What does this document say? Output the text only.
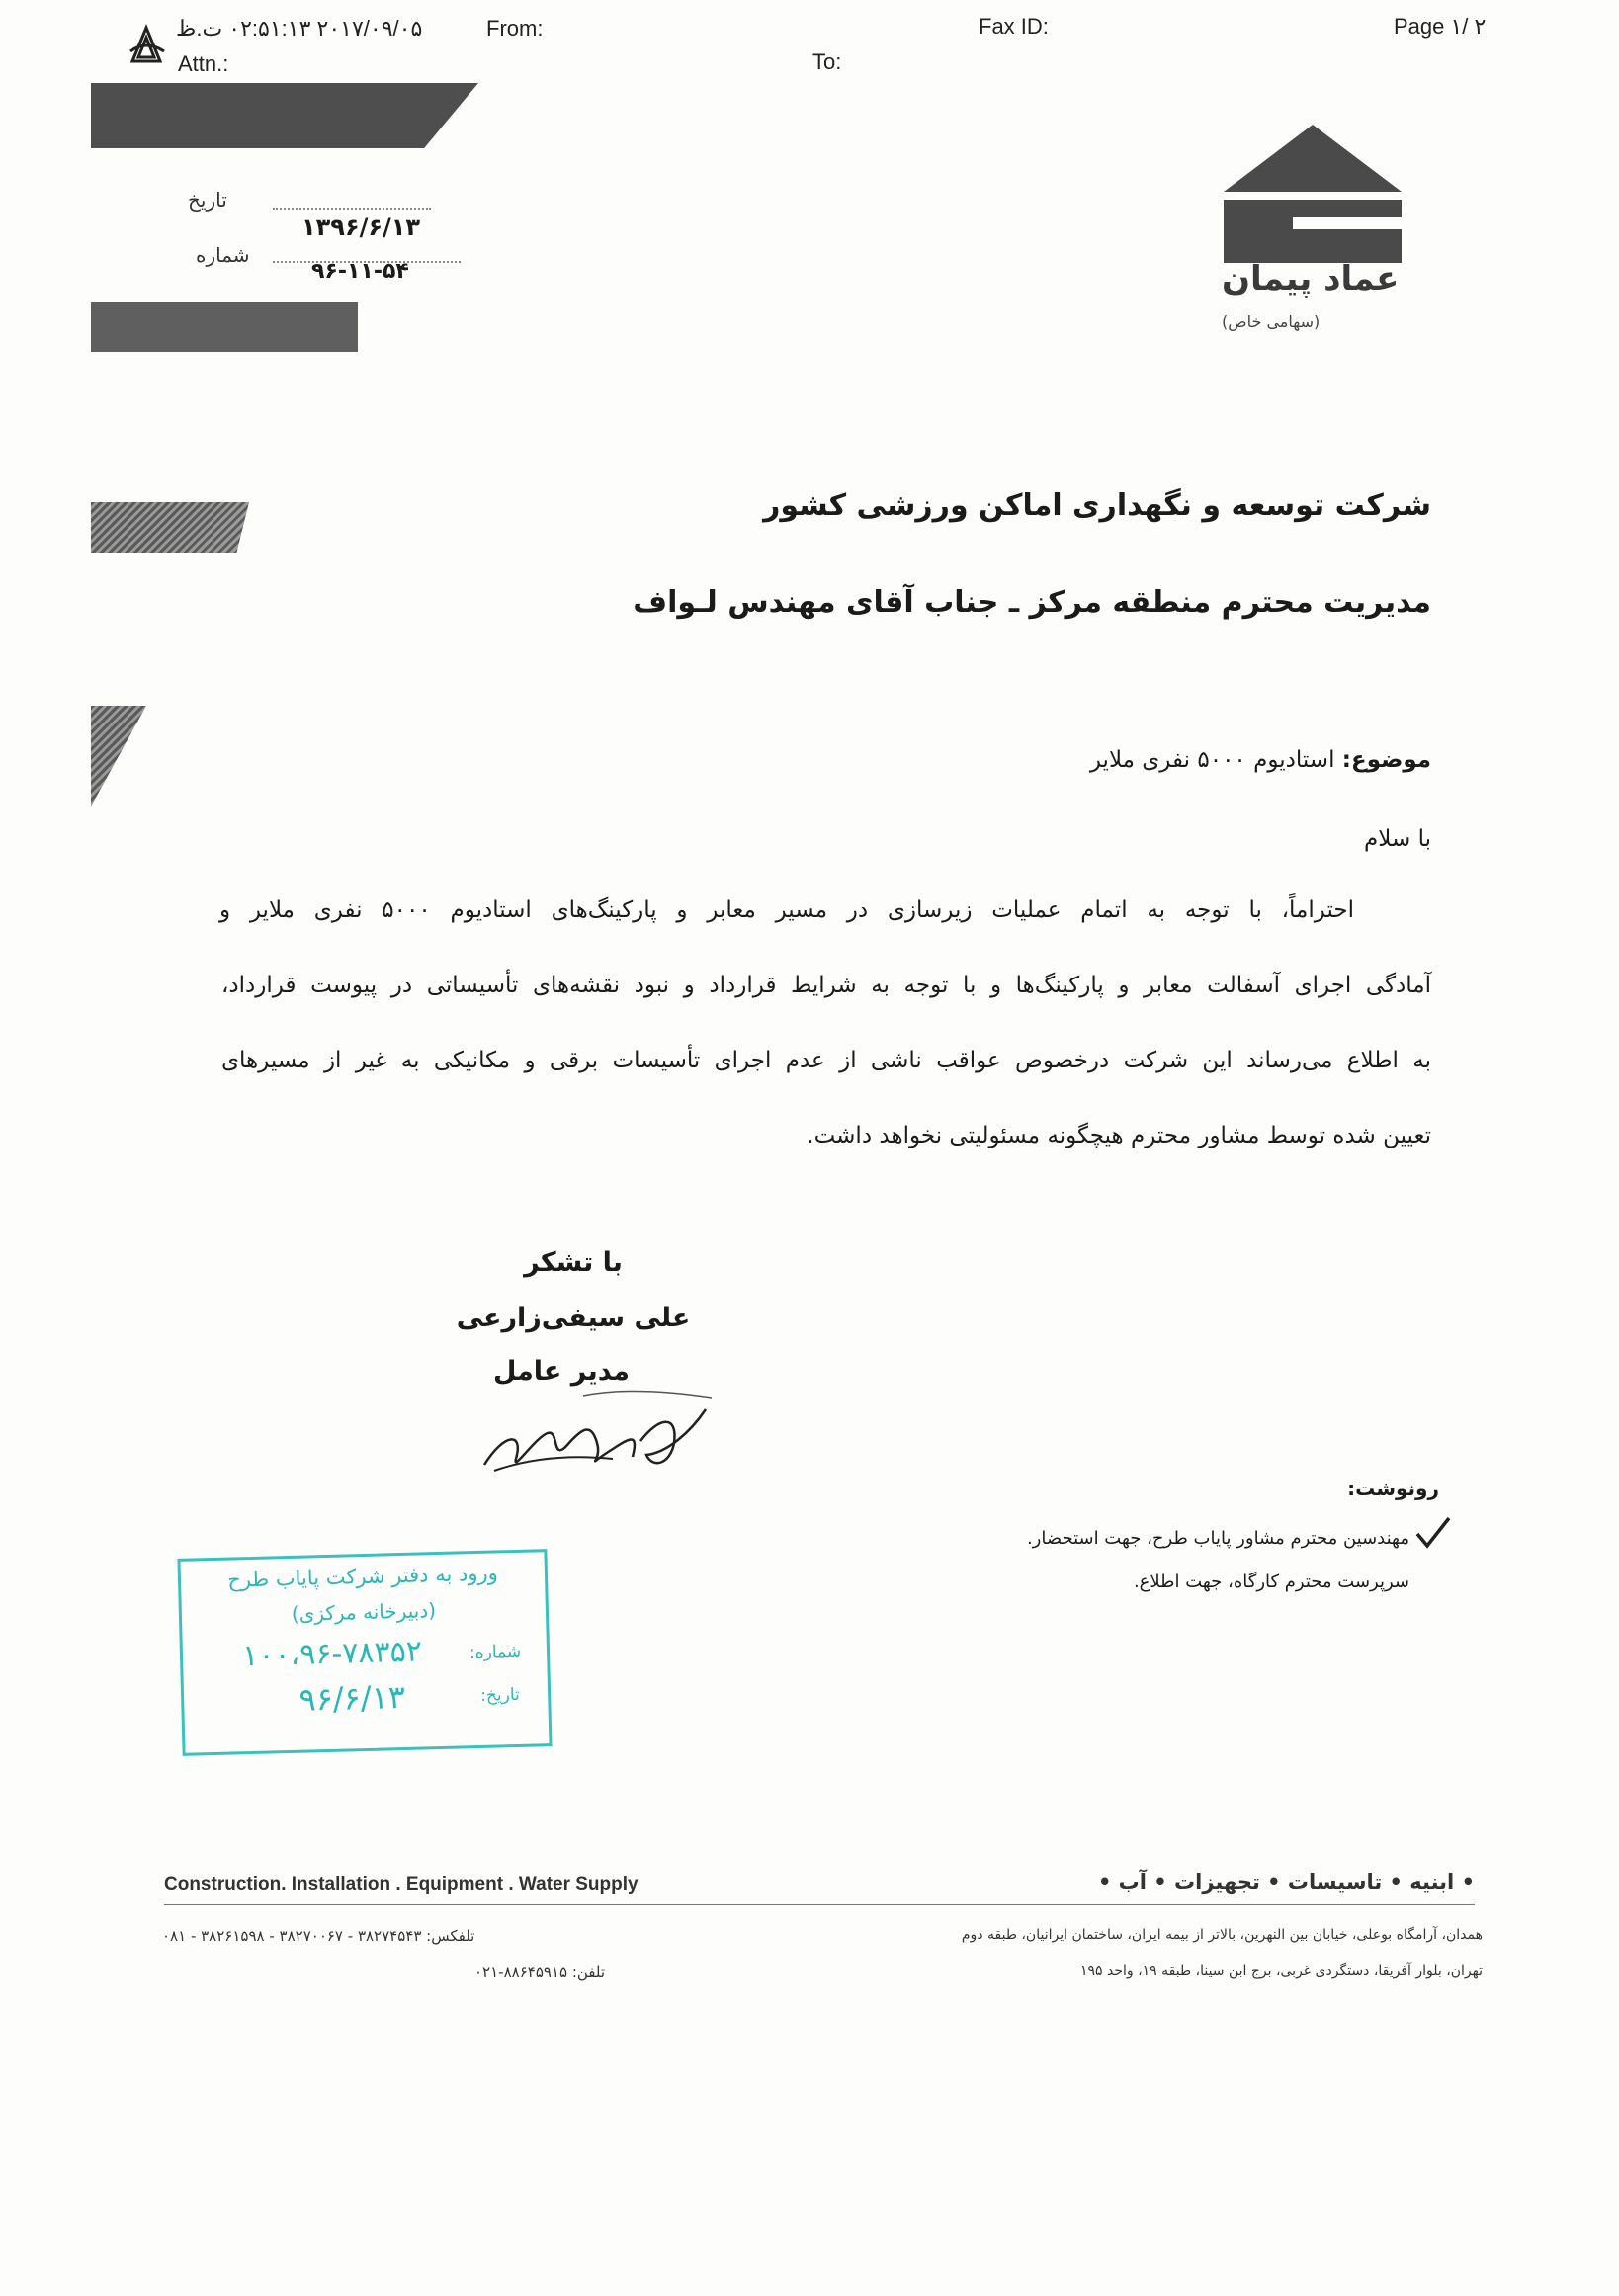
۲۰۱۷/۰۹/۰۵ ۰۲:۵۱:۱۳ ت.ظ	From:
Attn.:
Fax ID:
To:
Page ۱/ ۲
تاریخ
۱۳۹۶/۶/۱۳
شماره
۹۶-۱۱-۵۴	عماد پیمان
(سهامی خاص)
شرکت توسعه و نگهداری اماکن ورزشی کشور
مدیریت محترم منطقه مرکز ـ جناب آقای مهندس لـواف
موضوع: استادیوم ۵۰۰۰ نفری ملایر
با سلام
احتراماً، با توجه به اتمام عملیات زیرسازی در مسیر معابر و پارکینگ‌های استادیوم ۵۰۰۰ نفری ملایر و
آمادگی اجرای آسفالت معابر و پارکینگ‌ها و با توجه به شرایط قرارداد و نبود نقشه‌های تأسیساتی در پیوست قرارداد،
به اطلاع می‌رساند این شرکت درخصوص عواقب ناشی از عدم اجرای تأسیسات برقی و مکانیکی به غیر از مسیرهای
تعیین شده توسط مشاور محترم هیچگونه مسئولیتی نخواهد داشت.
با تشکر
علی سیفی‌زارعی
مدیر عامل
رونوشت:
مهندسین محترم مشاور پایاب طرح، جهت استحضار.
سرپرست محترم کارگاه، جهت اطلاع.
ورود به دفتر شرکت پایاب طرح
(دبیرخانه مرکزی)
شماره:
۱۰۰،۹۶-۷۸۳۵۲
تاریخ:
۹۶/۶/۱۳
Construction. Installation . Equipment . Water Supply	• ابنیه • تاسیسات • تجهیزات • آب •
همدان، آرامگاه بوعلی، خیابان بین النهرین، بالاتر از بیمه ایران، ساختمان ایرانیان، طبقه دوم
تلفکس: ۳۸۲۷۴۵۴۳ - ۳۸۲۷۰۰۶۷ - ۳۸۲۶۱۵۹۸ - ۰۸۱
تهران، بلوار آفریقا، دستگردی غربی، برج ابن سینا، طبقه ۱۹، واحد ۱۹۵
تلفن: ۸۸۶۴۵۹۱۵-۰۲۱
